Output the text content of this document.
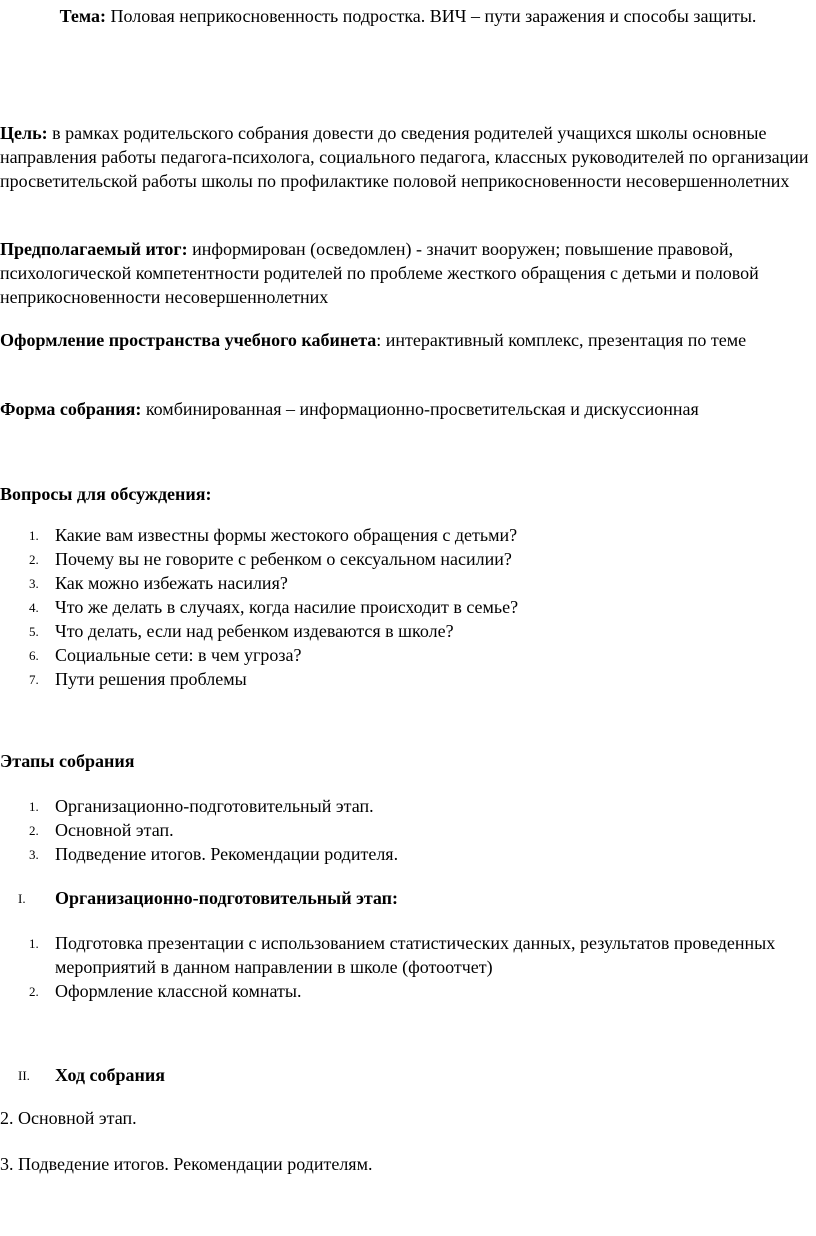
Тема: Половая неприкосновенность подростка. ВИЧ – пути заражения и способы защиты.
Цель: в рамках родительского собрания довести до сведения родителей учащихся школы основные направления работы педагога-психолога, социального педагога, классных руководителей по организации просветительской работы школы по профилактике половой неприкосновенности несовершеннолетних
Предполагаемый итог: информирован (осведомлен) - значит вооружен; повышение правовой, психологической компетентности родителей по проблеме жесткого обращения с детьми и половой неприкосновенности несовершеннолетних
Оформление пространства учебного кабинета: интерактивный комплекс, презентация по теме
Форма собрания: комбинированная – информационно-просветительская и дискуссионная
Вопросы для обсуждения:
1. Какие вам известны формы жестокого обращения с детьми?
2. Почему вы не говорите с ребенком о сексуальном насилии?
3. Как можно избежать насилия?
4. Что же делать в случаях, когда насилие происходит в семье?
5. Что делать, если над ребенком издеваются в школе?
6. Социальные сети: в чем угроза?
7. Пути решения проблемы
Этапы собрания
1. Организационно-подготовительный этап.
2. Основной этап.
3. Подведение итогов. Рекомендации родителя.
I. Организационно-подготовительный этап:
1. Подготовка презентации с использованием статистических данных, результатов проведенных мероприятий в данном направлении в школе (фотоотчет)
2. Оформление классной комнаты.
II. Ход собрания
2. Основной этап.
3. Подведение итогов. Рекомендации родителям.
